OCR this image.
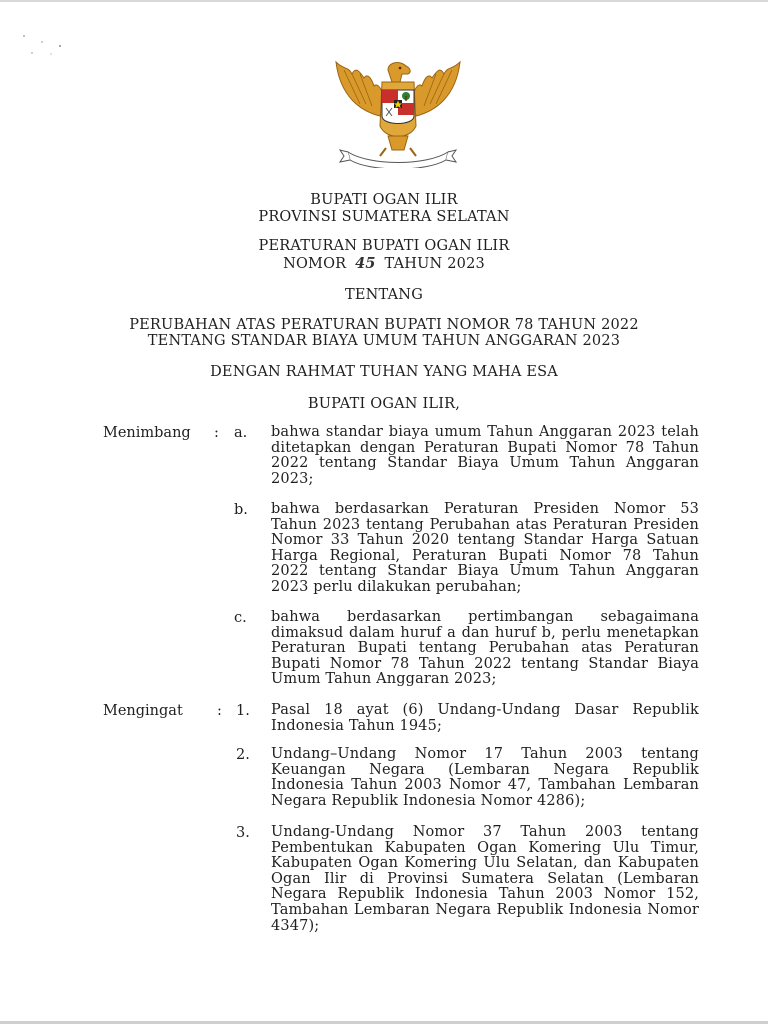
BUPATI OGAN ILIR
PROVINSI SUMATERA SELATAN
PERATURAN BUPATI OGAN ILIR
NOMOR 45 TAHUN 2023
TENTANG
PERUBAHAN ATAS PERATURAN BUPATI NOMOR 78 TAHUN 2022
TENTANG STANDAR BIAYA UMUM TAHUN ANGGARAN 2023
DENGAN RAHMAT TUHAN YANG MAHA ESA
BUPATI OGAN ILIR,
Menimbang : a. bahwa standar biaya umum Tahun Anggaran 2023 telah ditetapkan dengan Peraturan Bupati Nomor 78 Tahun 2022 tentang Standar Biaya Umum Tahun Anggaran 2023;
b. bahwa berdasarkan Peraturan Presiden Nomor 53 Tahun 2023 tentang Perubahan atas Peraturan Presiden Nomor 33 Tahun 2020 tentang Standar Harga Satuan Harga Regional, Peraturan Bupati Nomor 78 Tahun 2022 tentang Standar Biaya Umum Tahun Anggaran 2023 perlu dilakukan perubahan;
c. bahwa berdasarkan pertimbangan sebagaimana dimaksud dalam huruf a dan huruf b, perlu menetapkan Peraturan Bupati tentang Perubahan atas Peraturan Bupati Nomor 78 Tahun 2022 tentang Standar Biaya Umum Tahun Anggaran 2023;
Mengingat : 1. Pasal 18 ayat (6) Undang-Undang Dasar Republik Indonesia Tahun 1945;
2. Undang–Undang Nomor 17 Tahun 2003 tentang Keuangan Negara (Lembaran Negara Republik Indonesia Tahun 2003 Nomor 47, Tambahan Lembaran Negara Republik Indonesia Nomor 4286);
3. Undang-Undang Nomor 37 Tahun 2003 tentang Pembentukan Kabupaten Ogan Komering Ulu Timur, Kabupaten Ogan Komering Ulu Selatan, dan Kabupaten Ogan Ilir di Provinsi Sumatera Selatan (Lembaran Negara Republik Indonesia Tahun 2003 Nomor 152, Tambahan Lembaran Negara Republik Indonesia Nomor 4347);
